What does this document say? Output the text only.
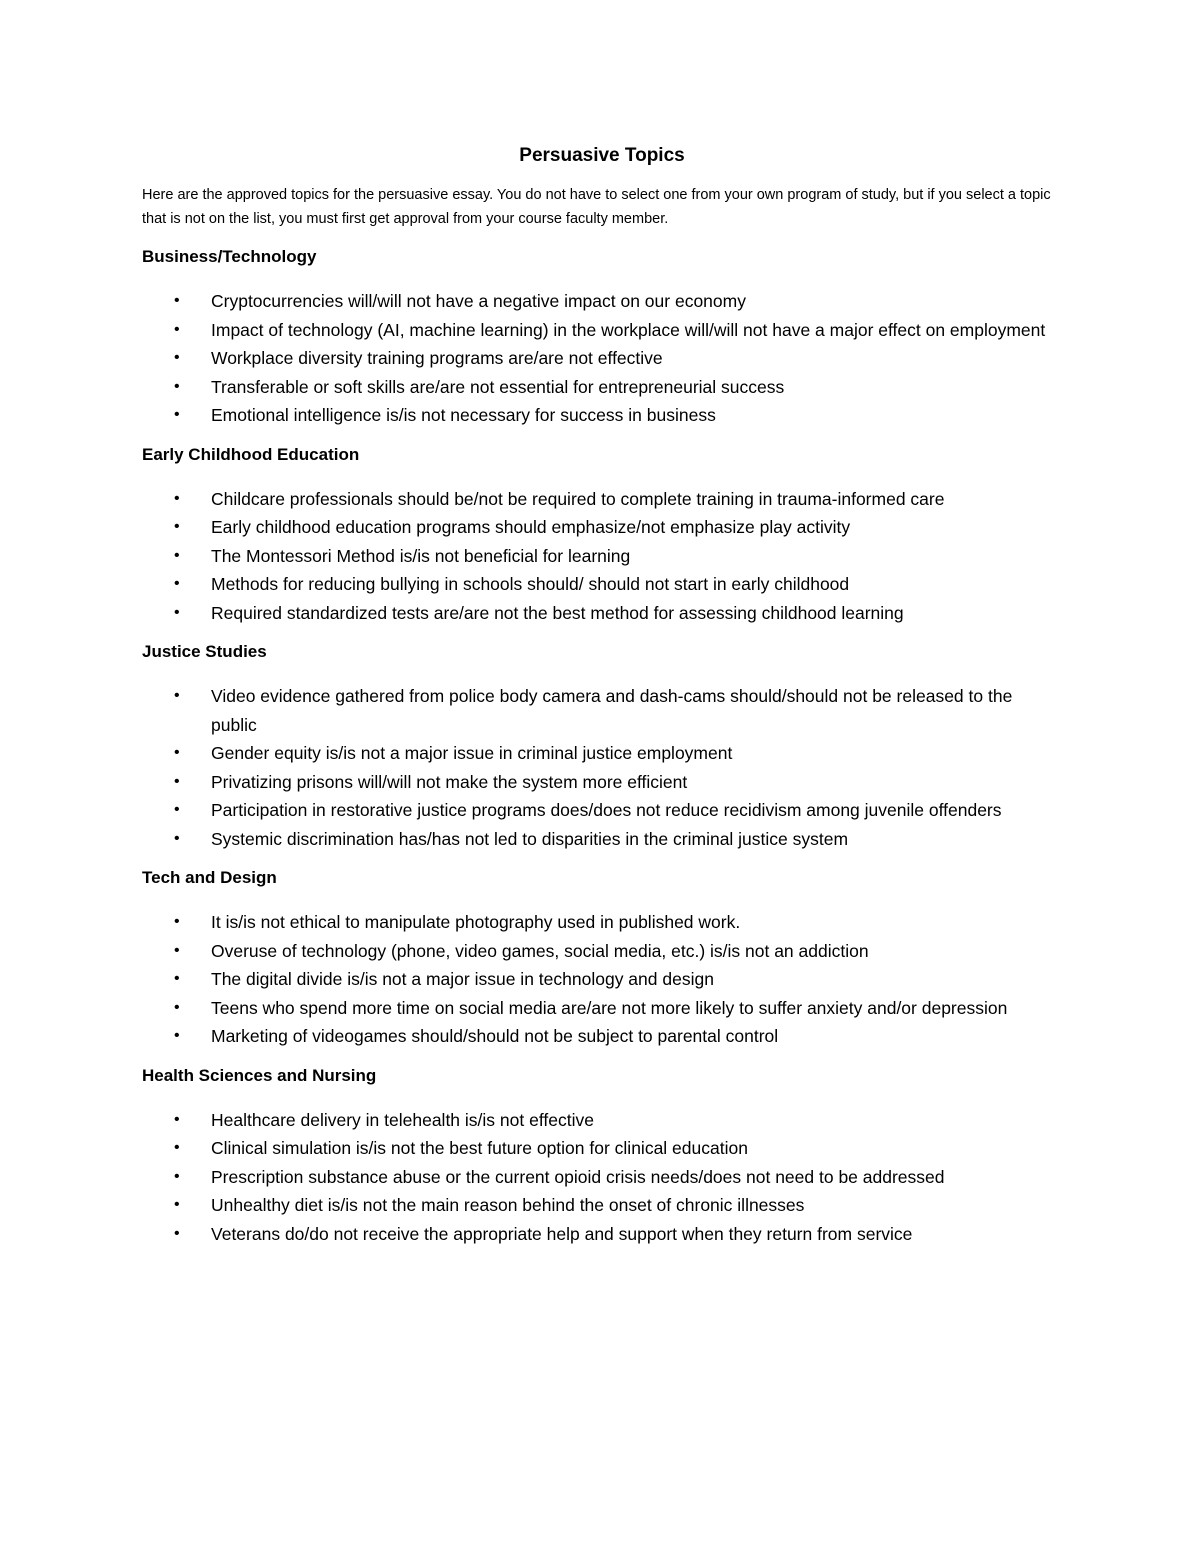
Persuasive Topics

Here are the approved topics for the persuasive essay. You do not have to select one from your own program of study, but if you select a topic that is not on the list, you must first get approval from your course faculty member.

Business/Technology
• Cryptocurrencies will/will not have a negative impact on our economy
• Impact of technology (AI, machine learning) in the workplace will/will not have a major effect on employment
• Workplace diversity training programs are/are not effective
• Transferable or soft skills are/are not essential for entrepreneurial success
• Emotional intelligence is/is not necessary for success in business
Early Childhood Education
• Childcare professionals should be/not be required to complete training in trauma-informed care
• Early childhood education programs should emphasize/not emphasize play activity
• The Montessori Method is/is not beneficial for learning
• Methods for reducing bullying in schools should/ should not start in early childhood
• Required standardized tests are/are not the best method for assessing childhood learning
Justice Studies
• Video evidence gathered from police body camera and dash-cams should/should not be released to the public
• Gender equity is/is not a major issue in criminal justice employment
• Privatizing prisons will/will not make the system more efficient
• Participation in restorative justice programs does/does not reduce recidivism among juvenile offenders
• Systemic discrimination has/has not led to disparities in the criminal justice system
Tech and Design
• It is/is not ethical to manipulate photography used in published work.
• Overuse of technology (phone, video games, social media, etc.) is/is not an addiction
• The digital divide is/is not a major issue in technology and design
• Teens who spend more time on social media are/are not more likely to suffer anxiety and/or depression
• Marketing of videogames should/should not be subject to parental control
Health Sciences and Nursing
• Healthcare delivery in telehealth is/is not effective
• Clinical simulation is/is not the best future option for clinical education
• Prescription substance abuse or the current opioid crisis needs/does not need to be addressed
• Unhealthy diet is/is not the main reason behind the onset of chronic illnesses
• Veterans do/do not receive the appropriate help and support when they return from service
